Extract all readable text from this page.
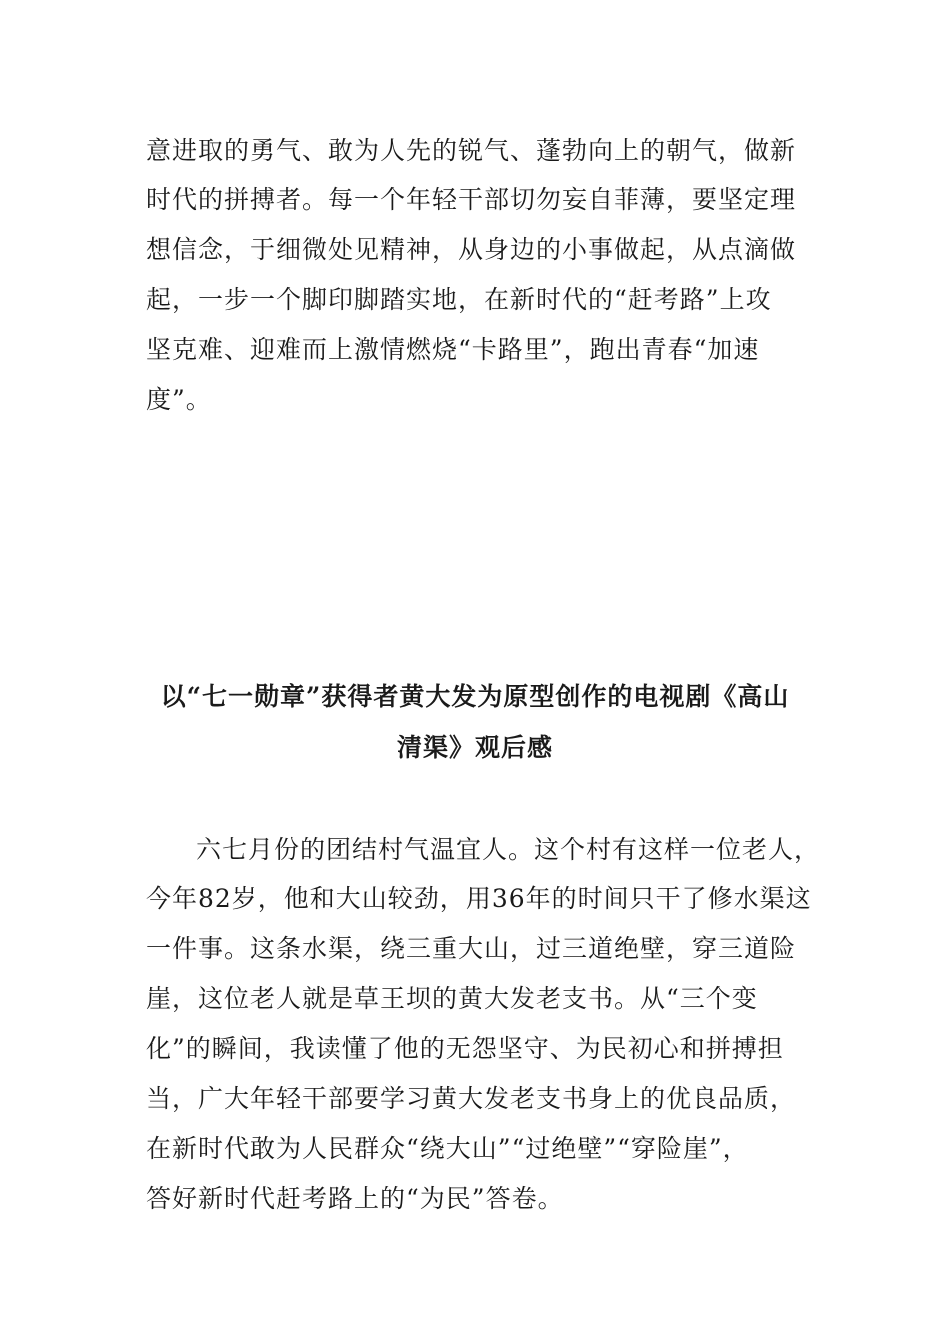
意进取的勇气、敢为人先的锐气、蓬勃向上的朝气，做新
时代的拼搏者。每一个年轻干部切勿妄自菲薄，要坚定理
想信念，于细微处见精神，从身边的小事做起，从点滴做
起，一步一个脚印脚踏实地，在新时代的“赶考路”上攻
坚克难、迎难而上激情燃烧“卡路里”，跑出青春“加速
度”。
以“七一勋章”获得者黄大发为原型创作的电视剧《高山
清渠》观后感
六七月份的团结村气温宜人。这个村有这样一位老人，
今年82岁，他和大山较劲，用36年的时间只干了修水渠这
一件事。这条水渠，绕三重大山，过三道绝壁，穿三道险
崖，这位老人就是草王坝的黄大发老支书。从“三个变
化”的瞬间，我读懂了他的无怨坚守、为民初心和拼搏担
当，广大年轻干部要学习黄大发老支书身上的优良品质，
在新时代敢为人民群众“绕大山”“过绝壁”“穿险崖”，
答好新时代赶考路上的“为民”答卷。
